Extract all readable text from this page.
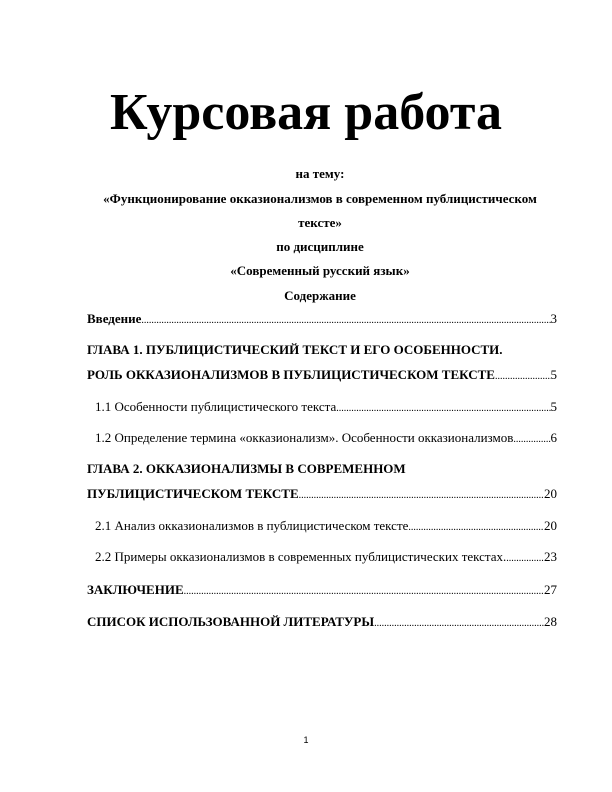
Курсовая работа

на тему:

«Функционирование окказионализмов в современном публицистическом

тексте»

по дисциплине

«Современный русский язык»

Содержание

Введение .....	3
ГЛАВА 1. ПУБЛИЦИСТИЧЕСКИЙ ТЕКСТ И ЕГО ОСОБЕННОСТИ.
РОЛЬ ОККАЗИОНАЛИЗМОВ В ПУБЛИЦИСТИЧЕСКОМ ТЕКСТЕ .....	5
1.1 Особенности публицистического текста .....	5
1.2 Определение термина «окказионализм». Особенности окказионализмов .....	6
ГЛАВА 2. ОККАЗИОНАЛИЗМЫ В СОВРЕМЕННОМ
ПУБЛИЦИСТИЧЕСКОМ ТЕКСТЕ .....	20
2.1 Анализ окказионализмов в публицистическом тексте .....	20
2.2 Примеры окказионализмов в современных публицистических текстах. .....	23
ЗАКЛЮЧЕНИЕ .....	27
СПИСОК ИСПОЛЬЗОВАННОЙ ЛИТЕРАТУРЫ .....	28
1
